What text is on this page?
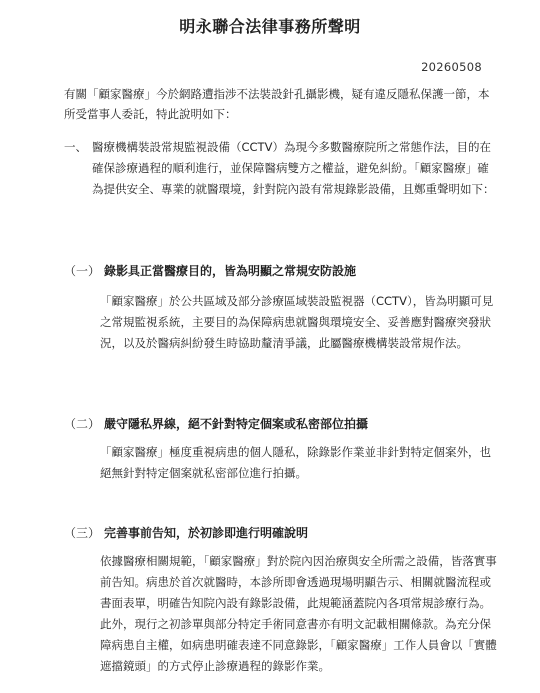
明永聯合法律事務所聲明
20260508
有關「顧家醫療」今於網路遭指涉不法裝設針孔攝影機，疑有違反隱私保護一節，本所受當事人委託，特此說明如下：
一、 醫療機構裝設常規監視設備（CCTV）為現今多數醫療院所之常態作法，目的在確保診療過程的順利進行，並保障醫病雙方之權益，避免糾紛。「顧家醫療」確為提供安全、專業的就醫環境，針對院內設有常規錄影設備，且鄭重聲明如下：
（一） 錄影具正當醫療目的，皆為明顯之常規安防設施
「顧家醫療」於公共區域及部分診療區域裝設監視器（CCTV），皆為明顯可見之常規監視系統，主要目的為保障病患就醫與環境安全、妥善應對醫療突發狀況，以及於醫病糾紛發生時協助釐清爭議，此屬醫療機構裝設常規作法。
（二） 嚴守隱私界線，絕不針對特定個案或私密部位拍攝
「顧家醫療」極度重視病患的個人隱私，除錄影作業並非針對特定個案外，也絕無針對特定個案就私密部位進行拍攝。
（三） 完善事前告知，於初診即進行明確說明
依據醫療相關規範，「顧家醫療」對於院內因治療與安全所需之設備，皆落實事前告知。病患於首次就醫時，本診所即會透過現場明顯告示、相關就醫流程或書面表單，明確告知院內設有錄影設備，此規範涵蓋院內各項常規診療行為。此外，現行之初診單與部分特定手術同意書亦有明文記載相關條款。為充分保障病患自主權，如病患明確表達不同意錄影，「顧家醫療」工作人員會以「實體遮擋鏡頭」的方式停止診療過程的錄影作業。
